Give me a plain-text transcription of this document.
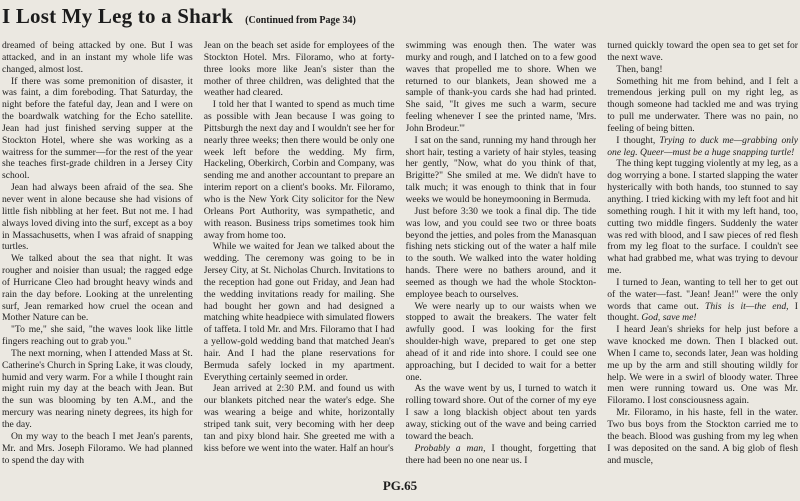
I Lost My Leg to a Shark (Continued from Page 34)

dreamed of being attacked by one. But I was attacked, and in an instant my whole life was changed, almost lost.

If there was some premonition of disaster, it was faint, a dim foreboding. That Saturday, the night before the fateful day, Jean and I were on the boardwalk watching for the Echo satellite. Jean had just finished serving supper at the Stockton Hotel, where she was working as a waitress for the summer—for the rest of the year she teaches first-grade children in a Jersey City school.

Jean had always been afraid of the sea. She never went in alone because she had visions of little fish nibbling at her feet. But not me. I had always loved diving into the surf, except as a boy in Massachusetts, when I was afraid of snapping turtles.

We talked about the sea that night. It was rougher and noisier than usual; the ragged edge of Hurricane Cleo had brought heavy winds and rain the day before. Looking at the unrelenting surf, Jean remarked how cruel the ocean and Mother Nature can be.

"To me," she said, "the waves look like little fingers reaching out to grab you."

The next morning, when I attended Mass at St. Catherine's Church in Spring Lake, it was cloudy, humid and very warm. For a while I thought rain might ruin my day at the beach with Jean. But the sun was blooming by ten A.M., and the mercury was nearing ninety degrees, its high for the day.

On my way to the beach I met Jean's parents, Mr. and Mrs. Joseph Filoramo. We had planned to spend the day with

Jean on the beach set aside for employees of the Stockton Hotel. Mrs. Filoramo, who at forty-three looks more like Jean's sister than the mother of three children, was delighted that the weather had cleared.

I told her that I wanted to spend as much time as possible with Jean because I was going to Pittsburgh the next day and I wouldn't see her for nearly three weeks; then there would be only one week left before the wedding. My firm, Hackeling, Oberkirch, Corbin and Company, was sending me and another accountant to prepare an interim report on a client's books. Mr. Filoramo, who is the New York City solicitor for the New Orleans Port Authority, was sympathetic, and with reason. Business trips sometimes took him away from home too.

While we waited for Jean we talked about the wedding. The ceremony was going to be in Jersey City, at St. Nicholas Church. Invitations to the reception had gone out Friday, and Jean had the wedding invitations ready for mailing. She had bought her gown and had designed a matching white headpiece with simulated flowers of taffeta. I told Mr. and Mrs. Filoramo that I had a yellow-gold wedding band that matched Jean's hair. And I had the plane reservations for Bermuda safely locked in my apartment. Everything certainly seemed in order.

Jean arrived at 2:30 P.M. and found us with our blankets pitched near the water's edge. She was wearing a beige and white, horizontally striped tank suit, very becoming with her deep tan and pixy blond hair. She greeted me with a kiss before we went into the water. Half an hour's

swimming was enough then. The water was murky and rough, and I latched on to a few good waves that propelled me to shore. When we returned to our blankets, Jean showed me a sample of thank-you cards she had had printed. She said, "It gives me such a warm, secure feeling whenever I see the printed name, 'Mrs. John Brodeur.'"

I sat on the sand, running my hand through her short hair, testing a variety of hair styles, teasing her gently, "Now, what do you think of that, Brigitte?" She smiled at me. We didn't have to talk much; it was enough to think that in four weeks we would be honeymooning in Bermuda.

Just before 3:30 we took a final dip. The tide was low, and you could see two or three boats beyond the jetties, and poles from the Manasquan fishing nets sticking out of the water a half mile to the south. We walked into the water holding hands. There were no bathers around, and it seemed as though we had the whole Stockton-employee beach to ourselves.

We were nearly up to our waists when we stopped to await the breakers. The water felt awfully good. I was looking for the first shoulder-high wave, prepared to get one step ahead of it and ride into shore. I could see one approaching, but I decided to wait for a better one.

As the wave went by us, I turned to watch it rolling toward shore. Out of the corner of my eye I saw a long blackish object about ten yards away, sticking out of the wave and being carried toward the beach.

Probably a man, I thought, forgetting that there had been no one near us. I

turned quickly toward the open sea to get set for the next wave.

Then, bang!

Something hit me from behind, and I felt a tremendous jerking pull on my right leg, as though someone had tackled me and was trying to pull me underwater. There was no pain, no feeling of being bitten.

I thought, Trying to duck me—grabbing only one leg. Queer—must be a huge snapping turtle!

The thing kept tugging violently at my leg, as a dog worrying a bone. I started slapping the water hysterically with both hands, too stunned to say anything. I tried kicking with my left foot and hit something rough. I hit it with my left hand, too, cutting two middle fingers. Suddenly the water was red with blood, and I saw pieces of red flesh from my leg float to the surface. I couldn't see what had grabbed me, what was trying to devour me.

I turned to Jean, wanting to tell her to get out of the water—fast. "Jean! Jean!" were the only words that came out. This is it—the end, I thought. God, save me!

I heard Jean's shrieks for help just before a wave knocked me down. Then I blacked out. When I came to, seconds later, Jean was holding me up by the arm and still shouting wildly for help. We were in a swirl of bloody water. Three men were running toward us. One was Mr. Filoramo. I lost consciousness again.

Mr. Filoramo, in his haste, fell in the water. Two bus boys from the Stockton carried me to the beach. Blood was gushing from my leg when I was deposited on the sand. A big glob of flesh and muscle,

PG.65
